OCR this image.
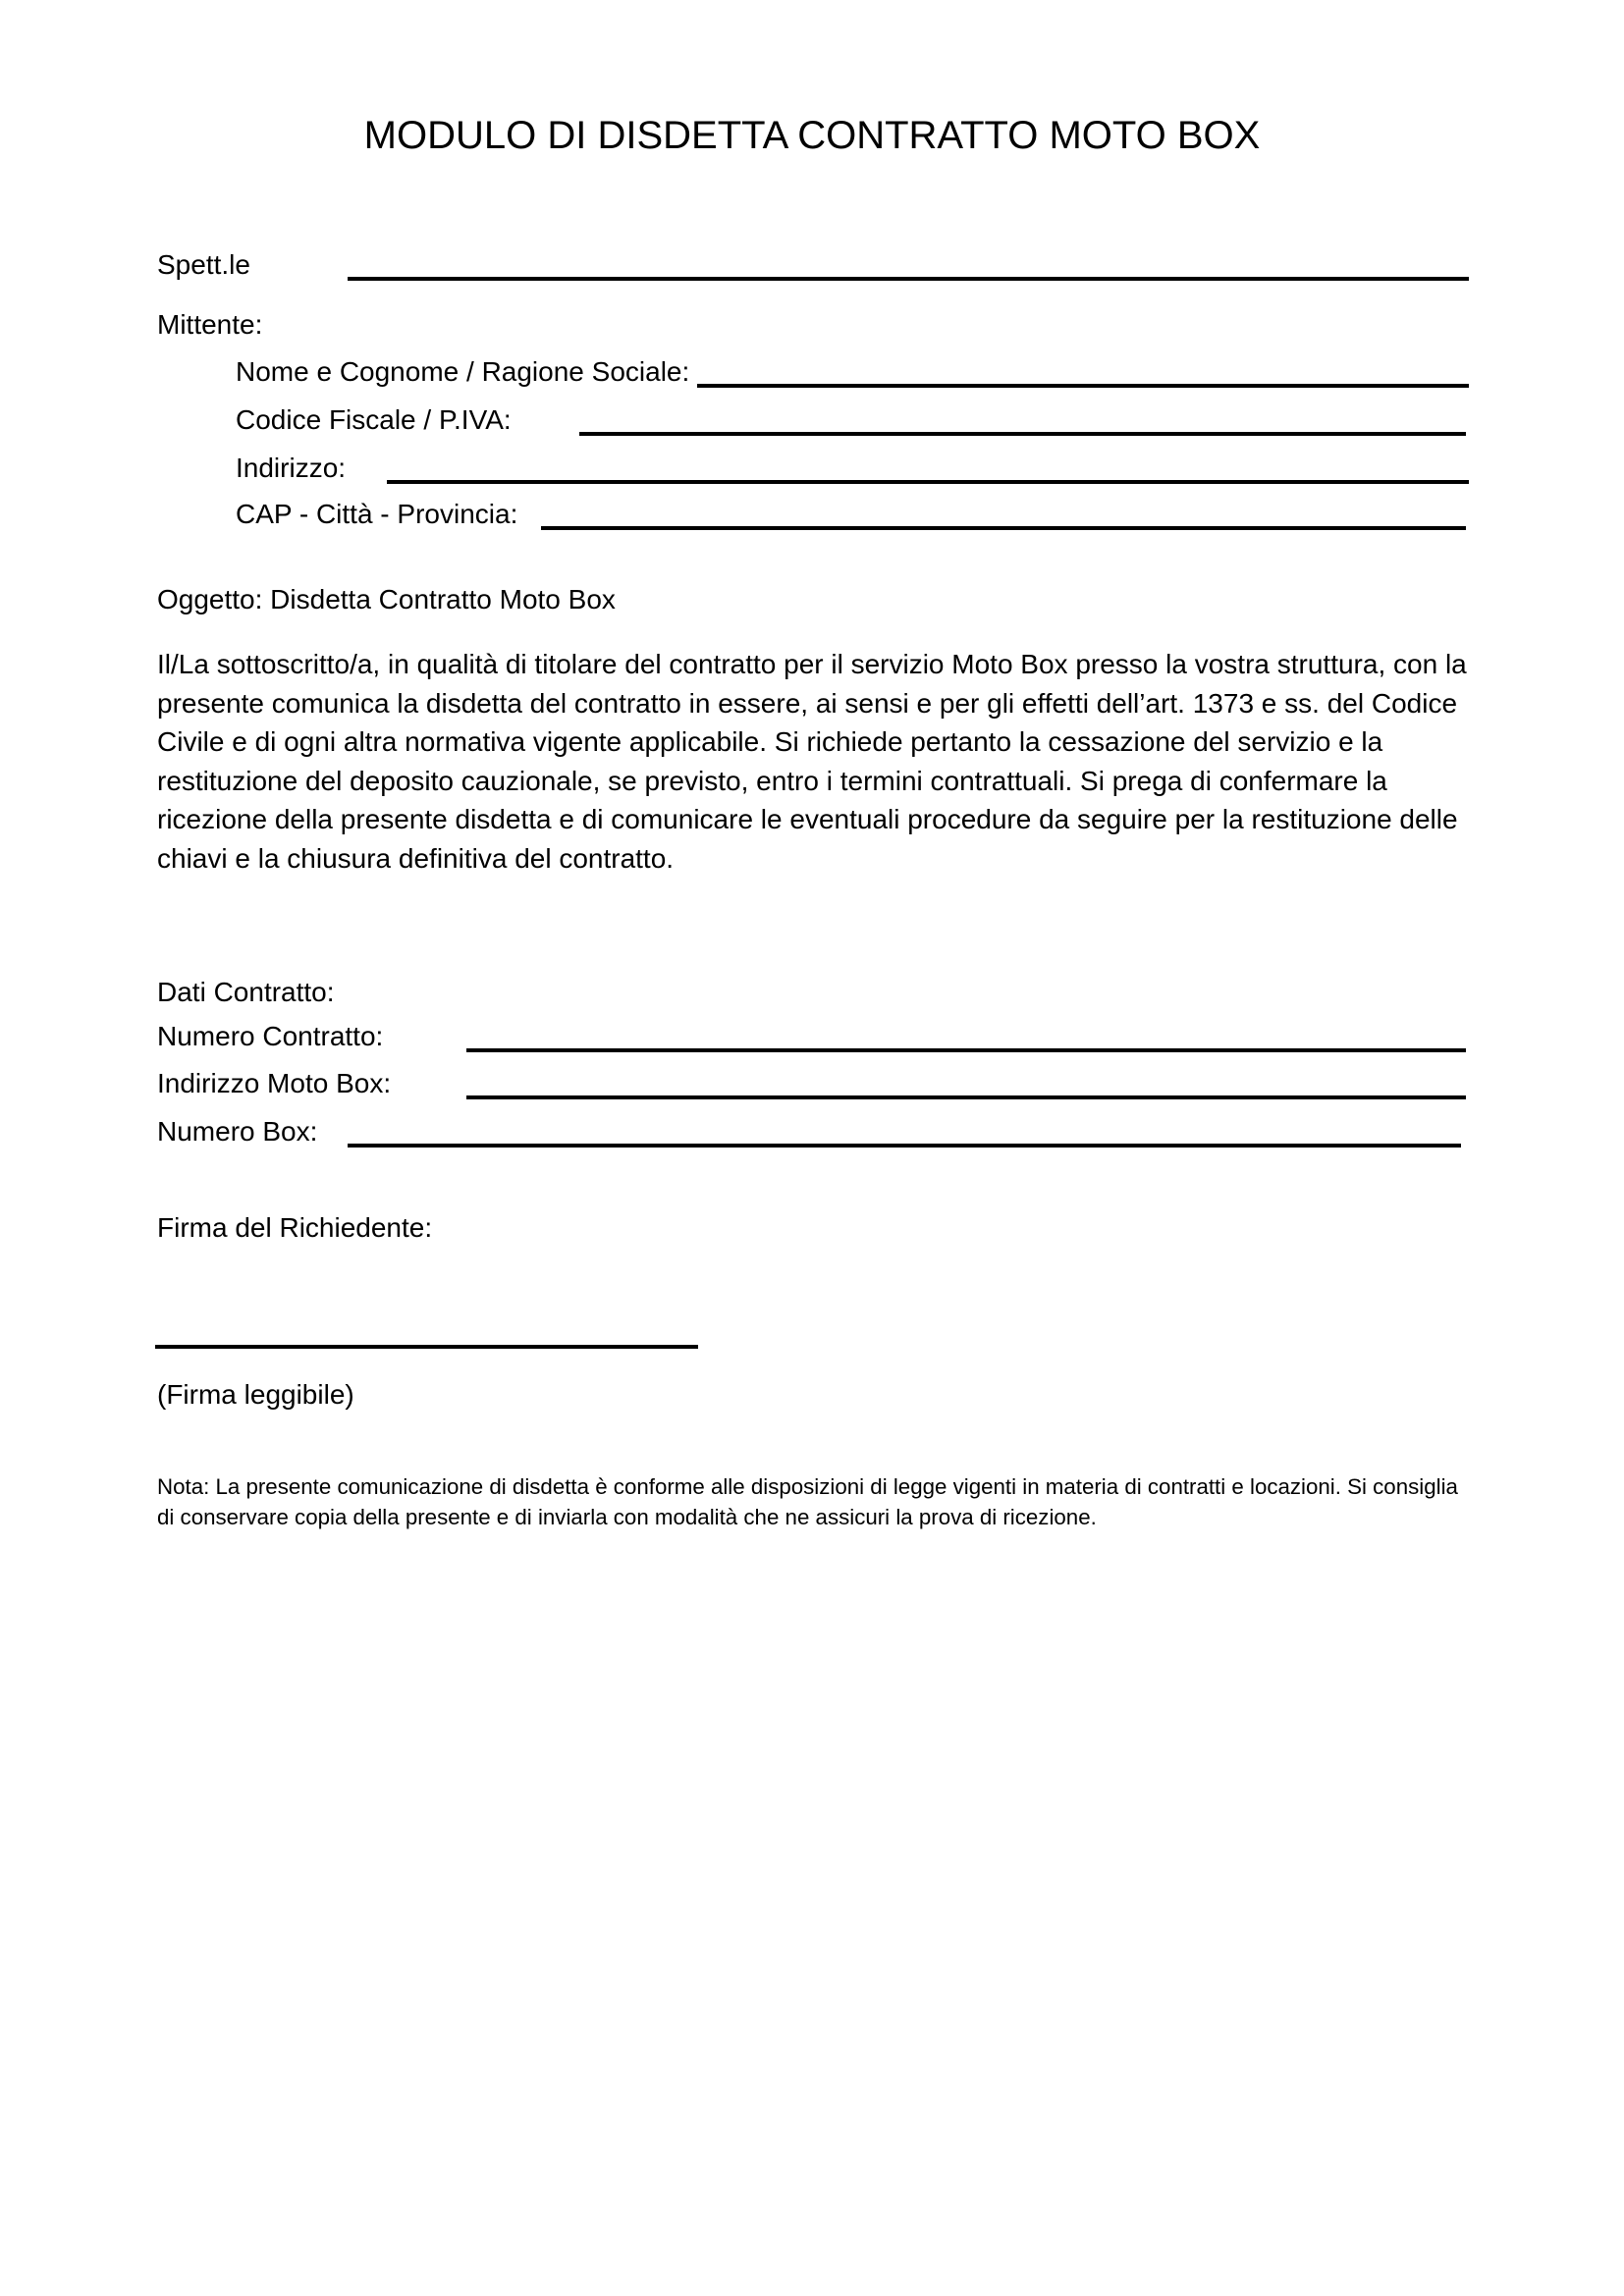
MODULO DI DISDETTA CONTRATTO MOTO BOX
Spett.le
Mittente:
Nome e Cognome / Ragione Sociale:
Codice Fiscale / P.IVA:
Indirizzo:
CAP - Città - Provincia:
Oggetto: Disdetta Contratto Moto Box
Il/La sottoscritto/a, in qualità di titolare del contratto per il servizio Moto Box presso la vostra struttura, con la presente comunica la disdetta del contratto in essere, ai sensi e per gli effetti dell’art. 1373 e ss. del Codice Civile e di ogni altra normativa vigente applicabile. Si richiede pertanto la cessazione del servizio e la restituzione del deposito cauzionale, se previsto, entro i termini contrattuali. Si prega di confermare la ricezione della presente disdetta e di comunicare le eventuali procedure da seguire per la restituzione delle chiavi e la chiusura definitiva del contratto.
Dati Contratto:
Numero Contratto:
Indirizzo Moto Box:
Numero Box:
Firma del Richiedente:
(Firma leggibile)
Nota: La presente comunicazione di disdetta è conforme alle disposizioni di legge vigenti in materia di contratti e locazioni. Si consiglia di conservare copia della presente e di inviarla con modalità che ne assicuri la prova di ricezione.
